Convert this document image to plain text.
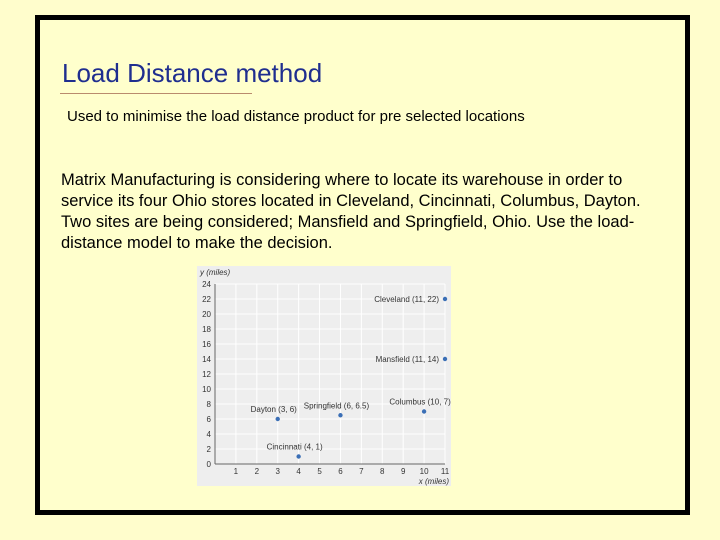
Load Distance method

Used to minimise the load distance product for pre selected locations

Matrix Manufacturing is considering where to locate its warehouse in order to service its four Ohio stores located in Cleveland, Cincinnati, Columbus, Dayton. Two sites are being considered; Mansfield and Springfield, Ohio. Use the load-distance model to make the decision.

0
2
4
6
8
10
12
14
16
18
20
22
24
1 2 3 4 5 6 7 8 9 10 11
y (miles)
x (miles)
Cleveland (11, 22)
Mansfield (11, 14)
Columbus (10, 7)
Springfield (6, 6.5)
Dayton (3, 6)
Cincinnati (4, 1)
